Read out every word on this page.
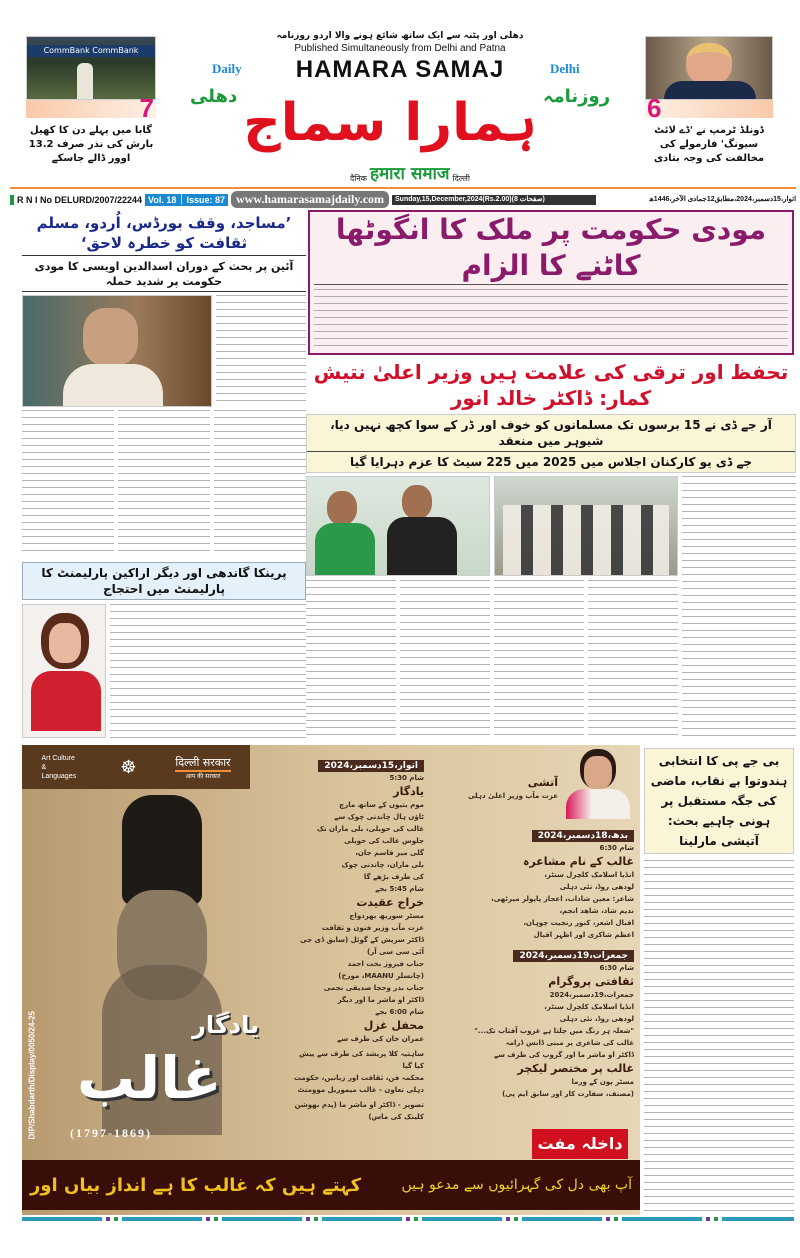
دهلی اور پٹنہ سے ایک ساتھ شائع ہونے والا اردو روزنامہ
Published Simultaneously from Delhi and Patna
Daily	HAMARA SAMAJ	Delhi
دهلی ہمارا سماج روزنامہ
दैनिक हमारा समाज दिल्ली
CommBank CommBank
7
گابا میں پہلے دن کا کھیل بارش کی نذر صرف 13.2 اوور ڈالے جاسکے
6
ڈونلڈ ٹرمپ نے 'ڈے لائٹ سیونگ' فارمولے کی مخالفت کی وجہ بتادی
R N I No DELURD/2007/22244 Vol. 18 ׀ Issue: 87 www.hamarasamajdaily.com	Sunday,15,December,2024(Rs.2.00)(صفحات 8)	اتوار،15دسمبر،2024،مطابق12جمادی الآخر،1446ھ
’مساجد، وقف بورڈس، اُردو، مسلم ثقافت کو خطرہ لاحق‘
آئین پر بحث کے دوران اسدالدین اویسی کا مودی حکومت پر شدید حملہ
پرینکا گاندھی اور دیگر اراکین پارلیمنٹ کا پارلیمنٹ میں احتجاج
مودی حکومت پر ملک کا انگوٹھا کاٹنے کا الزام
تحفظ اور ترقی کی علامت ہیں وزیر اعلیٰ نتیش کمار: ڈاکٹر خالد انور
آر جے ڈی نے 15 برسوں تک مسلمانوں کو خوف اور ڈر کے سوا کچھ نہیں دیا، شیوہر میں منعقد
جے ڈی یو کارکنان اجلاس میں 2025 میں 225 سیٹ کا عزم دہرایا گیا
Art Culture & Languages ☸	दिल्ली सरकार
आप की सरकार
DIP/Shabdarth/Display/0050/24-25	یادگار
غالب
(1797-1869)
اتوار،15دسمبر،2024

شام 5:30

یادگار

موم بتیوں کے ساتھ مارچ

ٹاؤن ہال چاندنی چوک سے

غالب کی حویلی، بلی ماران تک

جلوس غالب کی حویلی

گلی میر قاسم جان،

بلی ماران، چاندنی چوک

کی طرف بڑھے گا

شام 5:45 بجے

خراج عقیدت

مسٹر سوربھ بھردواج

عزت مآب وزیر فنون و ثقافت

ڈاکٹر سریش کے گوئل (سابق ڈی جی آئی سی سی آر)

جناب فیروز بخت احمد

(چانسلر MAANU، مورخ)

جناب بدر وحجا صدیقی نجمی

ڈاکٹر او ماشر ما اور دیگر

شام 6:00 بجے

محفل غزل

عمران خان کی طرف سے

ساہتیہ کلا پریشد کی طرف سے پیش کیا گیا

محکمہ فن، ثقافت اور زبانیں، حکومت دہلی تعاون - غالب میموریل موومنٹ

تصویر - ڈاکٹر او ماشر ما (پدم بھوشن کلینک کی ماس)

آتشی

عزت مآب وزیر اعلیٰ دہلی

بدھ،18دسمبر،2024

شام 6:30

غالب کے نام مشاعرہ

انڈیا اسلامک کلچرل سنٹر،

لودھی روڈ، نئی دہلی

شاعر: معین شاداب، اعجاز پاپولر میرٹھی،

ندیم شاد، شاهد انجم،

اقبال اشعر، کنور رنجیت چوہان،

اعظم شاکری اور اظہر اقبال

جمعرات،19دسمبر،2024

شام 6:30

ثقافتی پروگرام

جمعرات،19دسمبر،2024

انڈیا اسلامک کلچرل سنٹر،

لودھی روڈ، نئی دہلی

"شعلہ ہر رنگ میں جلتا ہے غروب آفتاب تک..."

غالب کی شاعری پر مبنی ڈانس ڈرامہ

ڈاکٹر او ماشر ما اور گروپ کی طرف سے

غالب پر مختصر لیکچر

مسٹر پون کے ورما

(مصنف، سفارت کار اور سابق ایم پی)

داخلہ مفت
کہتے ہیں کہ غالب کا ہے انداز بیاں اور	آپ بھی دل کی گہرائیوں سے مدعو ہیں
بی جے پی کا انتخابی ہندوتوا بے نقاب، ماضی کی جگہ مستقبل پر ہونی چاہیے بحث: آتیشی مارلینا
